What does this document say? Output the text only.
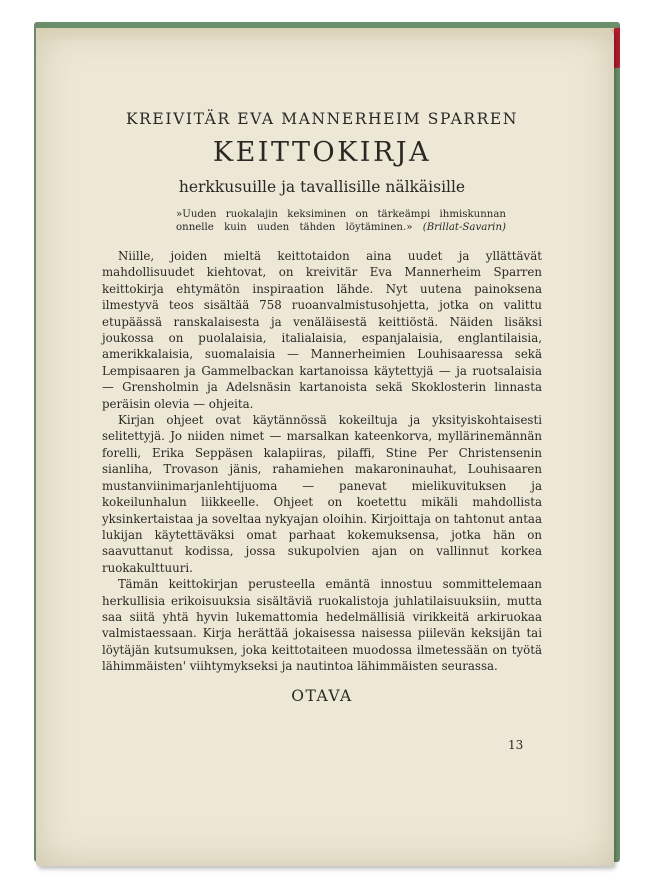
KREIVITÄR EVA MANNERHEIM SPARREN
KEITTOKIRJA
herkkusuille ja tavallisille nälkäisille
»Uuden ruokalajin keksiminen on tärkeämpi ihmiskunnan onnelle kuin uuden tähden löytäminen.» (Brillat-Savarin)

Niille, joiden mieltä keittotaidon aina uudet ja yllättävät mahdollisuudet kiehtovat, on kreivitär Eva Mannerheim Sparren keittokirja ehtymätön inspiraation lähde. Nyt uutena painoksena ilmestyvä teos sisältää 758 ruoanvalmistusohjetta, jotka on valittu etupäässä ranskalaisesta ja venäläisestä keittiöstä. Näiden lisäksi joukossa on puolalaisia, italialaisia, espanjalaisia, englantilaisia, amerikkalaisia, suomalaisia — Mannerheimien Louhisaaressa sekä Lempisaaren ja Gammelbackan kartanoissa käytettyjä — ja ruotsalaisia — Grensholmin ja Adelsnäsin kartanoista sekä Skoklosterin linnasta peräisin olevia — ohjeita.

Kirjan ohjeet ovat käytännössä kokeiltuja ja yksityiskohtaisesti selitettyjä. Jo niiden nimet — marsalkan kateenkorva, myllärinemännän forelli, Erika Seppäsen kalapiiras, pilaffi, Stine Per Christensenin sianliha, Trovason jänis, rahamiehen makaroninauhat, Louhisaaren mustanviinimarjanlehtijuoma — panevat mielikuvituksen ja kokeilunhalun liikkeelle. Ohjeet on koetettu mikäli mahdollista yksinkertaistaa ja soveltaa nykyajan oloihin. Kirjoittaja on tahtonut antaa lukijan käytettäväksi omat parhaat kokemuksensa, jotka hän on saavuttanut kodissa, jossa sukupolvien ajan on vallinnut korkea ruokakulttuuri.

Tämän keittokirjan perusteella emäntä innostuu sommittelemaan herkullisia erikoisuuksia sisältäviä ruokalistoja juhlatilaisuuksiin, mutta saa siitä yhtä hyvin lukemattomia hedelmällisiä virikkeitä arkiruokaa valmistaessaan. Kirja herättää jokaisessa naisessa piilevän keksijän tai löytäjän kutsumuksen, joka keittotaiteen muodossa ilmetessään on työtä lähimmäisten' viihtymykseksi ja nautintoa lähimmäisten seurassa.

OTAVA
13
